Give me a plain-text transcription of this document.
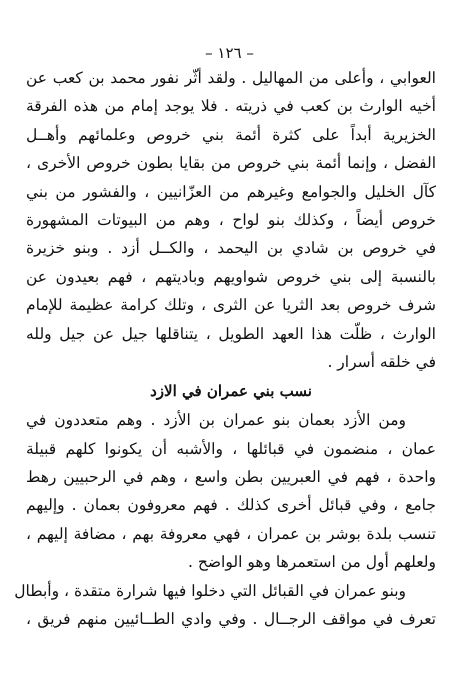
– ١٢٦ –
العوابي ، وأعلى من المهاليل . ولقد أثّر نفور محمد بن كعب عن
أخيه الوارث بن كعب في ذريته . فلا يوجد إمام من هذه الفرقة
الخزيرية أبداً على كثرة أئمة بني خروص وعلمائهم وأهــل
الفضل ، وإنما أئمة بني خروص من بقايا بطون خروص الأخرى ،
كآل الخليل والجوامع وغيرهم من العزّانيين ، والفشور من بني
خروص أيضاً ، وكذلك بنو لواح ، وهم من البيوتات المشهورة
في خروص بن شادي بن اليحمد ، والكــل أزد . وبنو خزيرة
بالنسبة إلى بني خروص شواويهم وباديتهم ، فهم بعيدون عن
شرف خروص بعد الثريا عن الثرى ، وتلك كرامة عظيمة للإمام
الوارث ، ظلّت هذا العهد الطويل ، يتناقلها جيل عن جيل ولله
في خلقه أسرار .
نسب بني عمران في الازد
ومن الأزد بعمان بنو عمران بن الأزد . وهم متعددون في
عمان ، منضمون في قبائلها ، والأشبه أن يكونوا كلهم قبيلة
واحدة ، فهم في العبريين بطن واسع ، وهم في الرحبيين رهط
جامع ، وفي قبائل أخرى كذلك . فهم معروفون بعمان . وإليهم
تنسب بلدة بوشر بن عمران ، فهي معروفة بهم ، مضافة إليهم ،
ولعلهم أول من استعمرها وهو الواضح .
وبنو عمران في القبائل التي دخلوا فيها شرارة متقدة ، وأبطال
تعرف في مواقف الرجــال . وفي وادي الطــائيين منهم فريق ،
